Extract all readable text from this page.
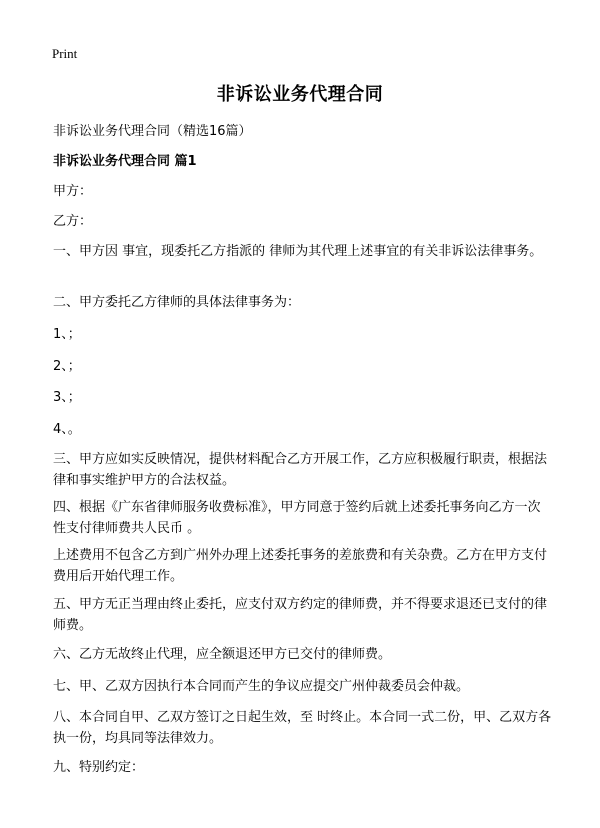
Print
非诉讼业务代理合同

非诉讼业务代理合同（精选16篇）

非诉讼业务代理合同 篇1

甲方：

乙方：

一、甲方因 事宜，现委托乙方指派的 律师为其代理上述事宜的有关非诉讼法律事务。

二、甲方委托乙方律师的具体法律事务为：

1、；

2、；

3、；

4、。

三、甲方应如实反映情况，提供材料配合乙方开展工作，乙方应积极履行职责，根据法律和事实维护甲方的合法权益。

四、根据《广东省律师服务收费标准》，甲方同意于签约后就上述委托事务向乙方一次性支付律师费共人民币 。

上述费用不包含乙方到广州外办理上述委托事务的差旅费和有关杂费。乙方在甲方支付费用后开始代理工作。

五、甲方无正当理由终止委托，应支付双方约定的律师费，并不得要求退还已支付的律师费。

六、乙方无故终止代理，应全额退还甲方已交付的律师费。

七、甲、乙双方因执行本合同而产生的争议应提交广州仲裁委员会仲裁。

八、本合同自甲、乙双方签订之日起生效，至 时终止。本合同一式二份，甲、乙双方各执一份，均具同等法律效力。

九、特别约定：
